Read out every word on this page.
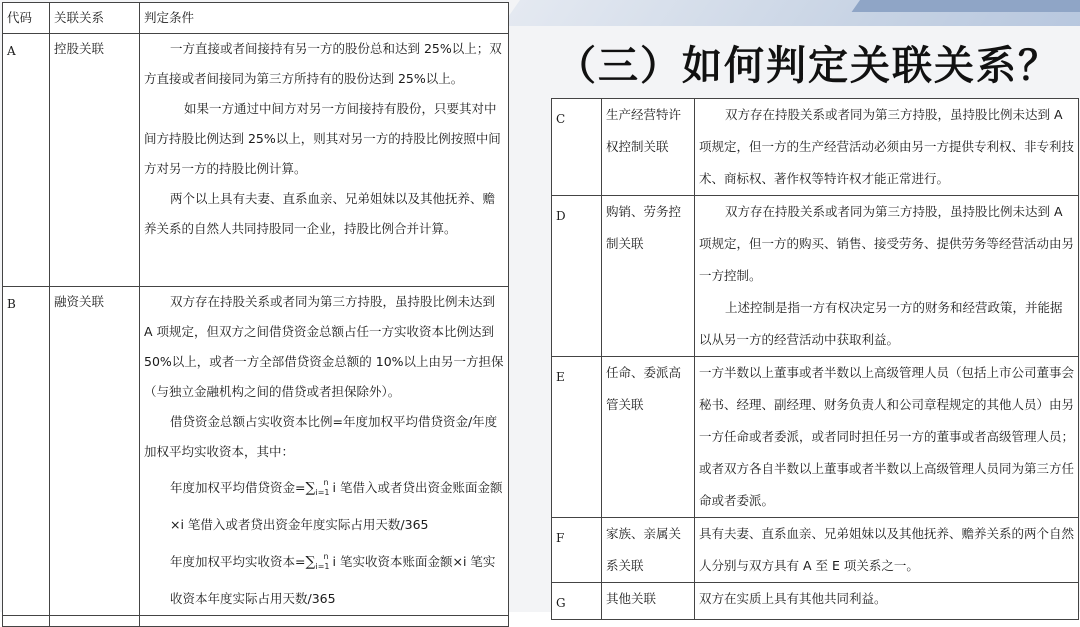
（三）如何判定关联关系？
代码	关联关系	判定条件
A	控股关联	一方直接或者间接持有另一方的股份总和达到 25%以上；双方直接或者间接同为第三方所持有的股份达到 25%以上。

如果一方通过中间方对另一方间接持有股份，只要其对中间方持股比例达到 25%以上，则其对另一方的持股比例按照中间方对另一方的持股比例计算。

两个以上具有夫妻、直系血亲、兄弟姐妹以及其他抚养、赡养关系的自然人共同持股同一企业，持股比例合并计算。

B	融资关联	双方存在持股关系或者同为第三方持股，虽持股比例未达到 A 项规定，但双方之间借贷资金总额占任一方实收资本比例达到 50%以上，或者一方全部借贷资金总额的 10%以上由另一方担保（与独立金融机构之间的借贷或者担保除外）。

借贷资金总额占实收资本比例=年度加权平均借贷资金/年度加权平均实收资本，其中：

年度加权平均借贷资金$=\sum_{i=1}^n$ i 笔借入或者贷出资金账面金额×i 笔借入或者贷出资金年度实际占用天数/365

年度加权平均实收资本$=\sum_{i=1}^n$ i 笔实收资本账面金额×i 笔实收资本年度实际占用天数/365

C	生产经营特许权控制关联	双方存在持股关系或者同为第三方持股，虽持股比例未达到 A 项规定，但一方的生产经营活动必须由另一方提供专利权、非专利技术、商标权、著作权等特许权才能正常进行。

D	购销、劳务控制关联	双方存在持股关系或者同为第三方持股，虽持股比例未达到 A 项规定，但一方的购买、销售、接受劳务、提供劳务等经营活动由另一方控制。

上述控制是指一方有权决定另一方的财务和经营政策，并能据以从另一方的经营活动中获取利益。

E	任命、委派高管关联	一方半数以上董事或者半数以上高级管理人员（包括上市公司董事会秘书、经理、副经理、财务负责人和公司章程规定的其他人员）由另一方任命或者委派，或者同时担任另一方的董事或者高级管理人员；或者双方各自半数以上董事或者半数以上高级管理人员同为第三方任命或者委派。

F	家族、亲属关系关联	具有夫妻、直系血亲、兄弟姐妹以及其他抚养、赡养关系的两个自然人分别与双方具有 A 至 E 项关系之一。

G	其他关联	双方在实质上具有其他共同利益。
